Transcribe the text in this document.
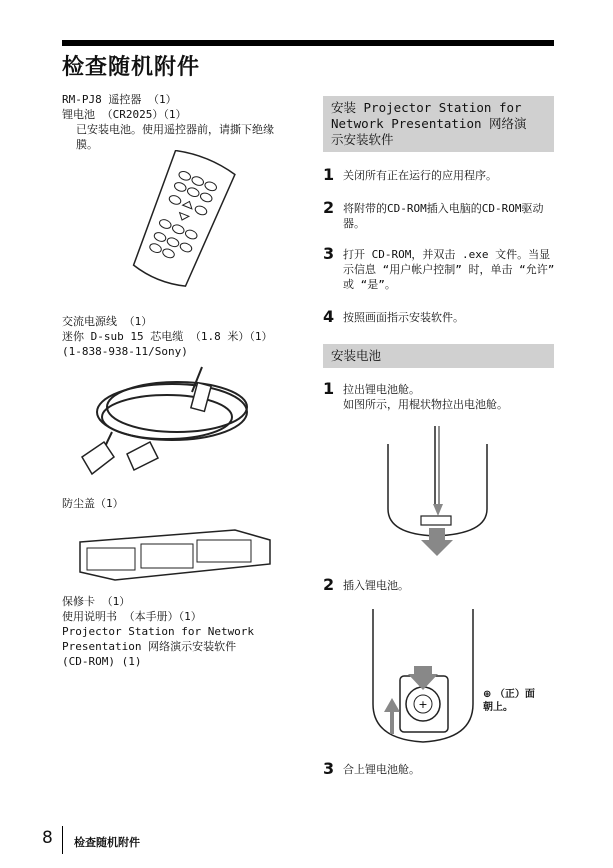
检查随机附件
RM-PJ8 遥控器 （1）
锂电池 （CR2025）（1）
已安装电池。使用遥控器前，请撕下绝缘膜。
交流电源线 （1）
迷你 D-sub 15 芯电缆 （1.8 米）（1）
(1-838-938-11/Sony)
防尘盖（1）
保修卡 （1）
使用说明书 （本手册）（1）
Projector Station for Network
Presentation 网络演示安装软件
(CD-ROM) (1)
安装 Projector Station for
Network Presentation 网络演
示安装软件
1 关闭所有正在运行的应用程序。
2 将附带的CD-ROM插入电脑的CD-ROM驱动器。
3 打开 CD-ROM，并双击 .exe 文件。当显示信息 “用户帐户控制” 时，单击 “允许” 或 “是”。
4 按照画面指示安装软件。
安装电池
1 拉出锂电池舱。
如图所示，用棍状物拉出电池舱。
2 插入锂电池。
+
⊕ （正）面
朝上。
3 合上锂电池舱。
8 检查随机附件
